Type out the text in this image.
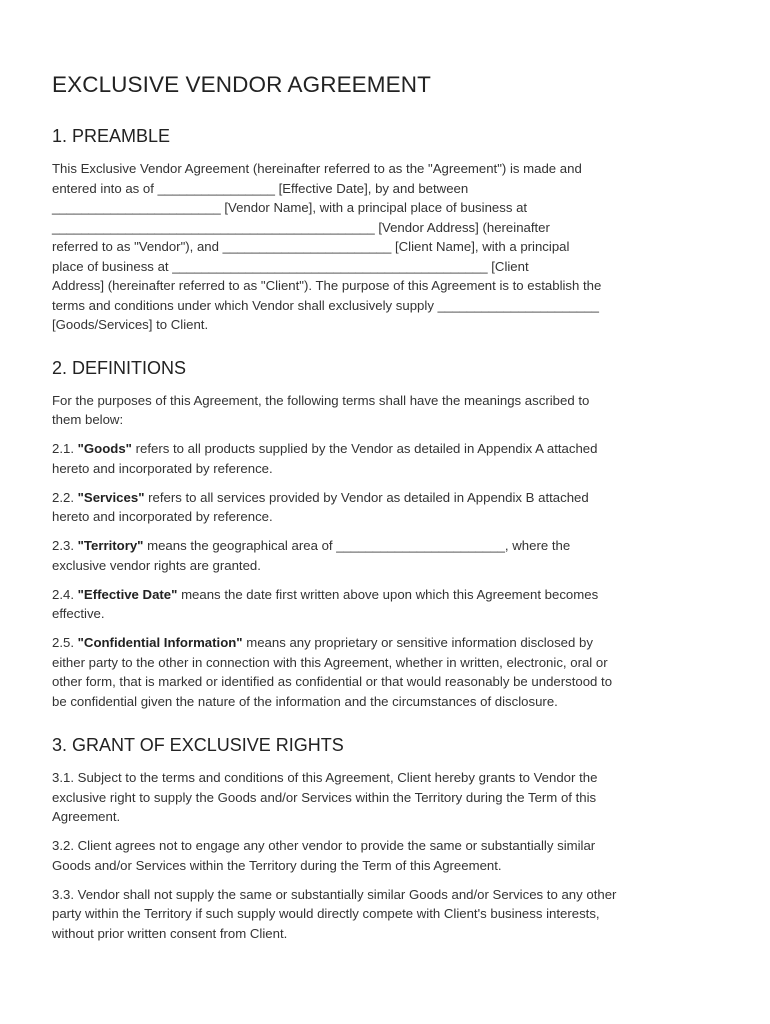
EXCLUSIVE VENDOR AGREEMENT
1. PREAMBLE

This Exclusive Vendor Agreement (hereinafter referred to as the "Agreement") is made and
entered into as of ________________ [Effective Date], by and between
_______________________ [Vendor Name], with a principal place of business at
____________________________________________ [Vendor Address] (hereinafter
referred to as "Vendor"), and _______________________ [Client Name], with a principal
place of business at ___________________________________________ [Client
Address] (hereinafter referred to as "Client"). The purpose of this Agreement is to establish the
terms and conditions under which Vendor shall exclusively supply ______________________
[Goods/Services] to Client.

2. DEFINITIONS

For the purposes of this Agreement, the following terms shall have the meanings ascribed to
them below:

2.1. "Goods" refers to all products supplied by the Vendor as detailed in Appendix A attached
hereto and incorporated by reference.

2.2. "Services" refers to all services provided by Vendor as detailed in Appendix B attached
hereto and incorporated by reference.

2.3. "Territory" means the geographical area of _______________________, where the
exclusive vendor rights are granted.

2.4. "Effective Date" means the date first written above upon which this Agreement becomes
effective.

2.5. "Confidential Information" means any proprietary or sensitive information disclosed by
either party to the other in connection with this Agreement, whether in written, electronic, oral or
other form, that is marked or identified as confidential or that would reasonably be understood to
be confidential given the nature of the information and the circumstances of disclosure.

3. GRANT OF EXCLUSIVE RIGHTS

3.1. Subject to the terms and conditions of this Agreement, Client hereby grants to Vendor the
exclusive right to supply the Goods and/or Services within the Territory during the Term of this
Agreement.

3.2. Client agrees not to engage any other vendor to provide the same or substantially similar
Goods and/or Services within the Territory during the Term of this Agreement.

3.3. Vendor shall not supply the same or substantially similar Goods and/or Services to any other
party within the Territory if such supply would directly compete with Client's business interests,
without prior written consent from Client.
